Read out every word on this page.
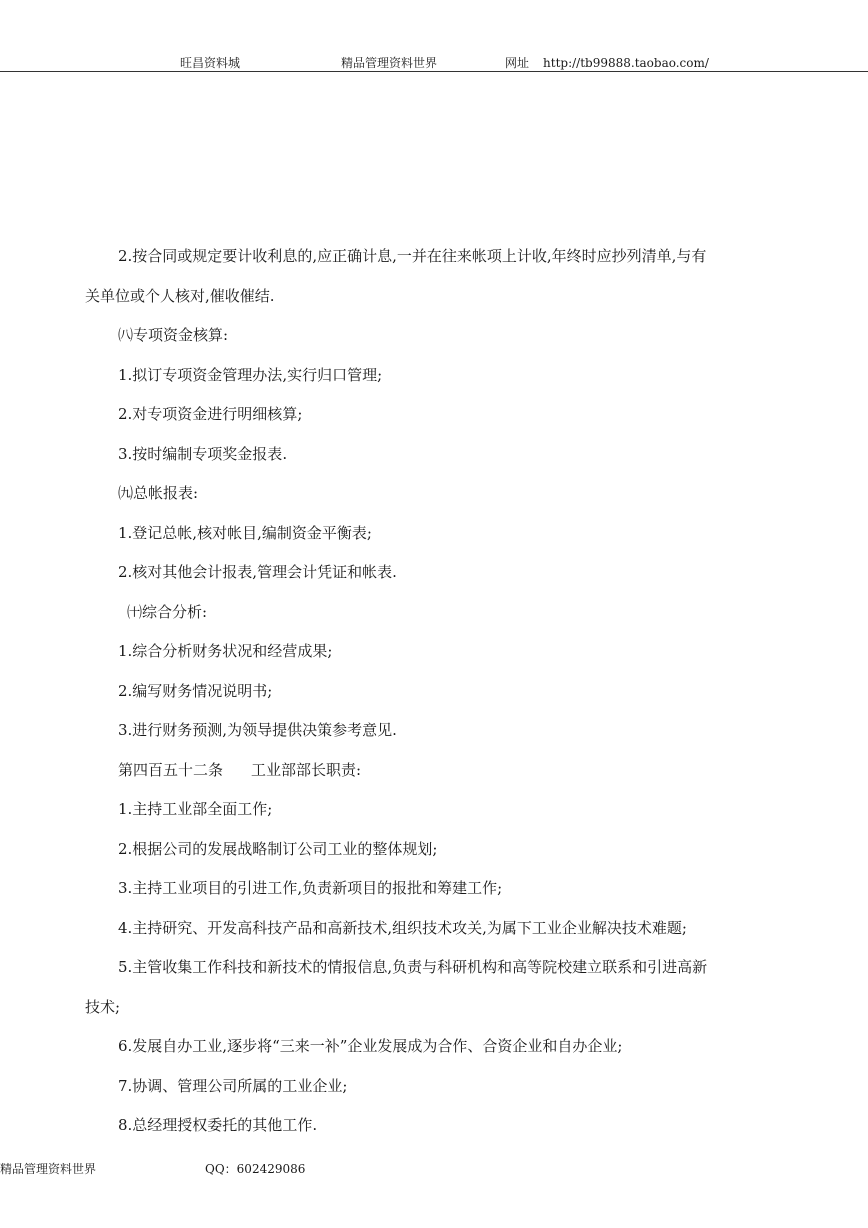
旺昌资料城	精品管理资料世界	网址 http://tb99888.taobao.com/
2.按合同或规定要计收利息的,应正确计息,一并在往来帐项上计收,年终时应抄列清单,与有
关单位或个人核对,催收催结.
㈧专项资金核算:
1.拟订专项资金管理办法,实行归口管理;
2.对专项资金进行明细核算;
3.按时编制专项奖金报表.
㈨总帐报表:
1.登记总帐,核对帐目,编制资金平衡表;
2.核对其他会计报表,管理会计凭证和帐表.
㈩综合分析:
1.综合分析财务状况和经营成果;
2.编写财务情况说明书;
3.进行财务预测,为领导提供决策参考意见.
第四百五十二条 工业部部长职责:
1.主持工业部全面工作;
2.根据公司的发展战略制订公司工业的整体规划;
3.主持工业项目的引进工作,负责新项目的报批和筹建工作;
4.主持研究、开发高科技产品和高新技术,组织技术攻关,为属下工业企业解决技术难题;
5.主管收集工作科技和新技术的情报信息,负责与科研机构和高等院校建立联系和引进高新
技术;
6.发展自办工业,逐步将“三来一补”企业发展成为合作、合资企业和自办企业;
7.协调、管理公司所属的工业企业;
8.总经理授权委托的其他工作.
精品管理资料世界	QQ：602429086
